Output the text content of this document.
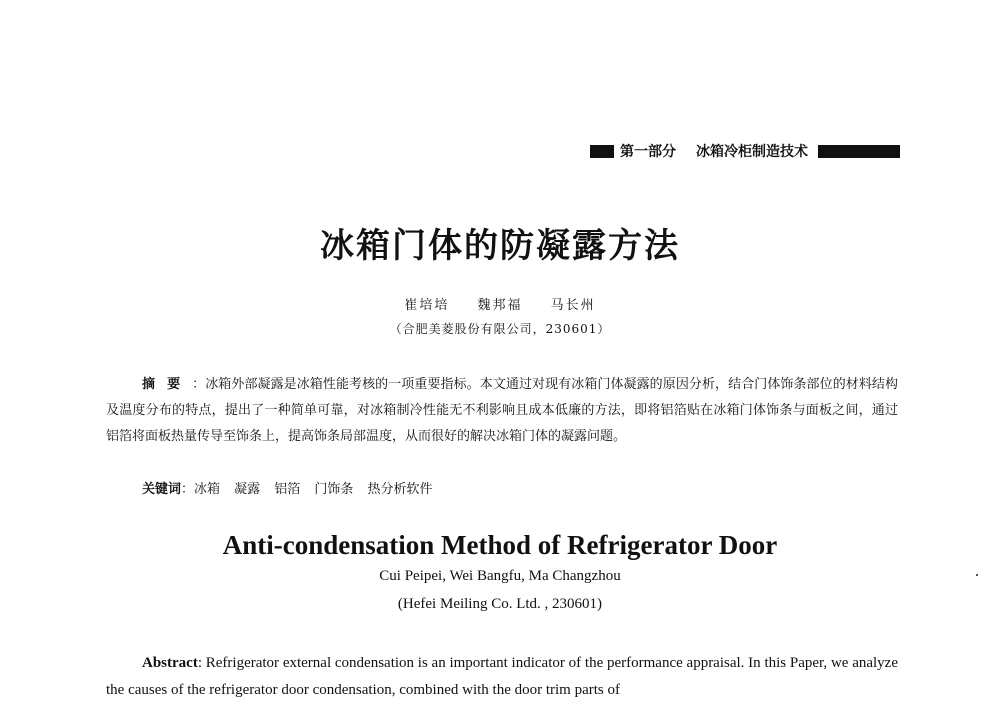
第一部分 冰箱冷柜制造技术
冰箱门体的防凝露方法
崔培培 魏邦福 马长州
（合肥美菱股份有限公司，230601）
摘要：冰箱外部凝露是冰箱性能考核的一项重要指标。本文通过对现有冰箱门体凝露的原因分析，结合门体饰条部位的材料结构及温度分布的特点，提出了一种简单可靠，对冰箱制冷性能无不利影响且成本低廉的方法，即将铝箔贴在冰箱门体饰条与面板之间，通过铝箔将面板热量传导至饰条上，提高饰条局部温度，从而很好的解决冰箱门体的凝露问题。
关键词：冰箱 凝露 铝箔 门饰条 热分析软件
Anti-condensation Method of Refrigerator Door
Cui Peipei, Wei Bangfu, Ma Changzhou
(Hefei Meiling Co. Ltd. , 230601)
Abstract: Refrigerator external condensation is an important indicator of the performance appraisal. In this Paper, we analyze the causes of the refrigerator door condensation, combined with the door trim parts of
